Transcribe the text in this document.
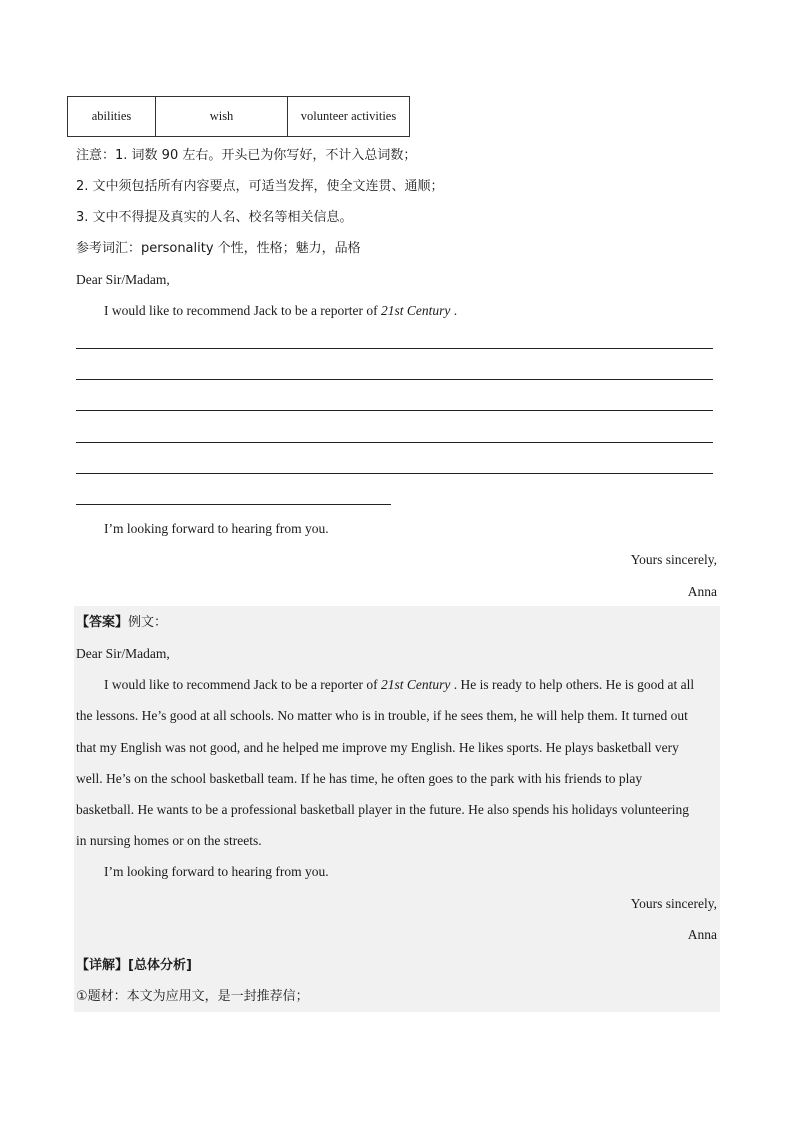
abilities	wish	volunteer activities
注意：1. 词数 90 左右。开头已为你写好，不计入总词数；
2. 文中须包括所有内容要点，可适当发挥，使全文连贯、通顺；
3. 文中不得提及真实的人名、校名等相关信息。
参考词汇：personality 个性，性格；魅力，品格
Dear Sir/Madam,
I would like to recommend Jack to be a reporter of 21st Century .
I’m looking forward to hearing from you.
Yours sincerely,
Anna
【答案】例文：
Dear Sir/Madam,
I would like to recommend Jack to be a reporter of 21st Century . He is ready to help others. He is good at all
the lessons. He’s good at all schools. No matter who is in trouble, if he sees them, he will help them. It turned out
that my English was not good, and he helped me improve my English. He likes sports. He plays basketball very
well. He’s on the school basketball team. If he has time, he often goes to the park with his friends to play
basketball. He wants to be a professional basketball player in the future. He also spends his holidays volunteering
in nursing homes or on the streets.
I’m looking forward to hearing from you.
Yours sincerely,
Anna
【详解】[总体分析]
①题材：本文为应用文，是一封推荐信；
